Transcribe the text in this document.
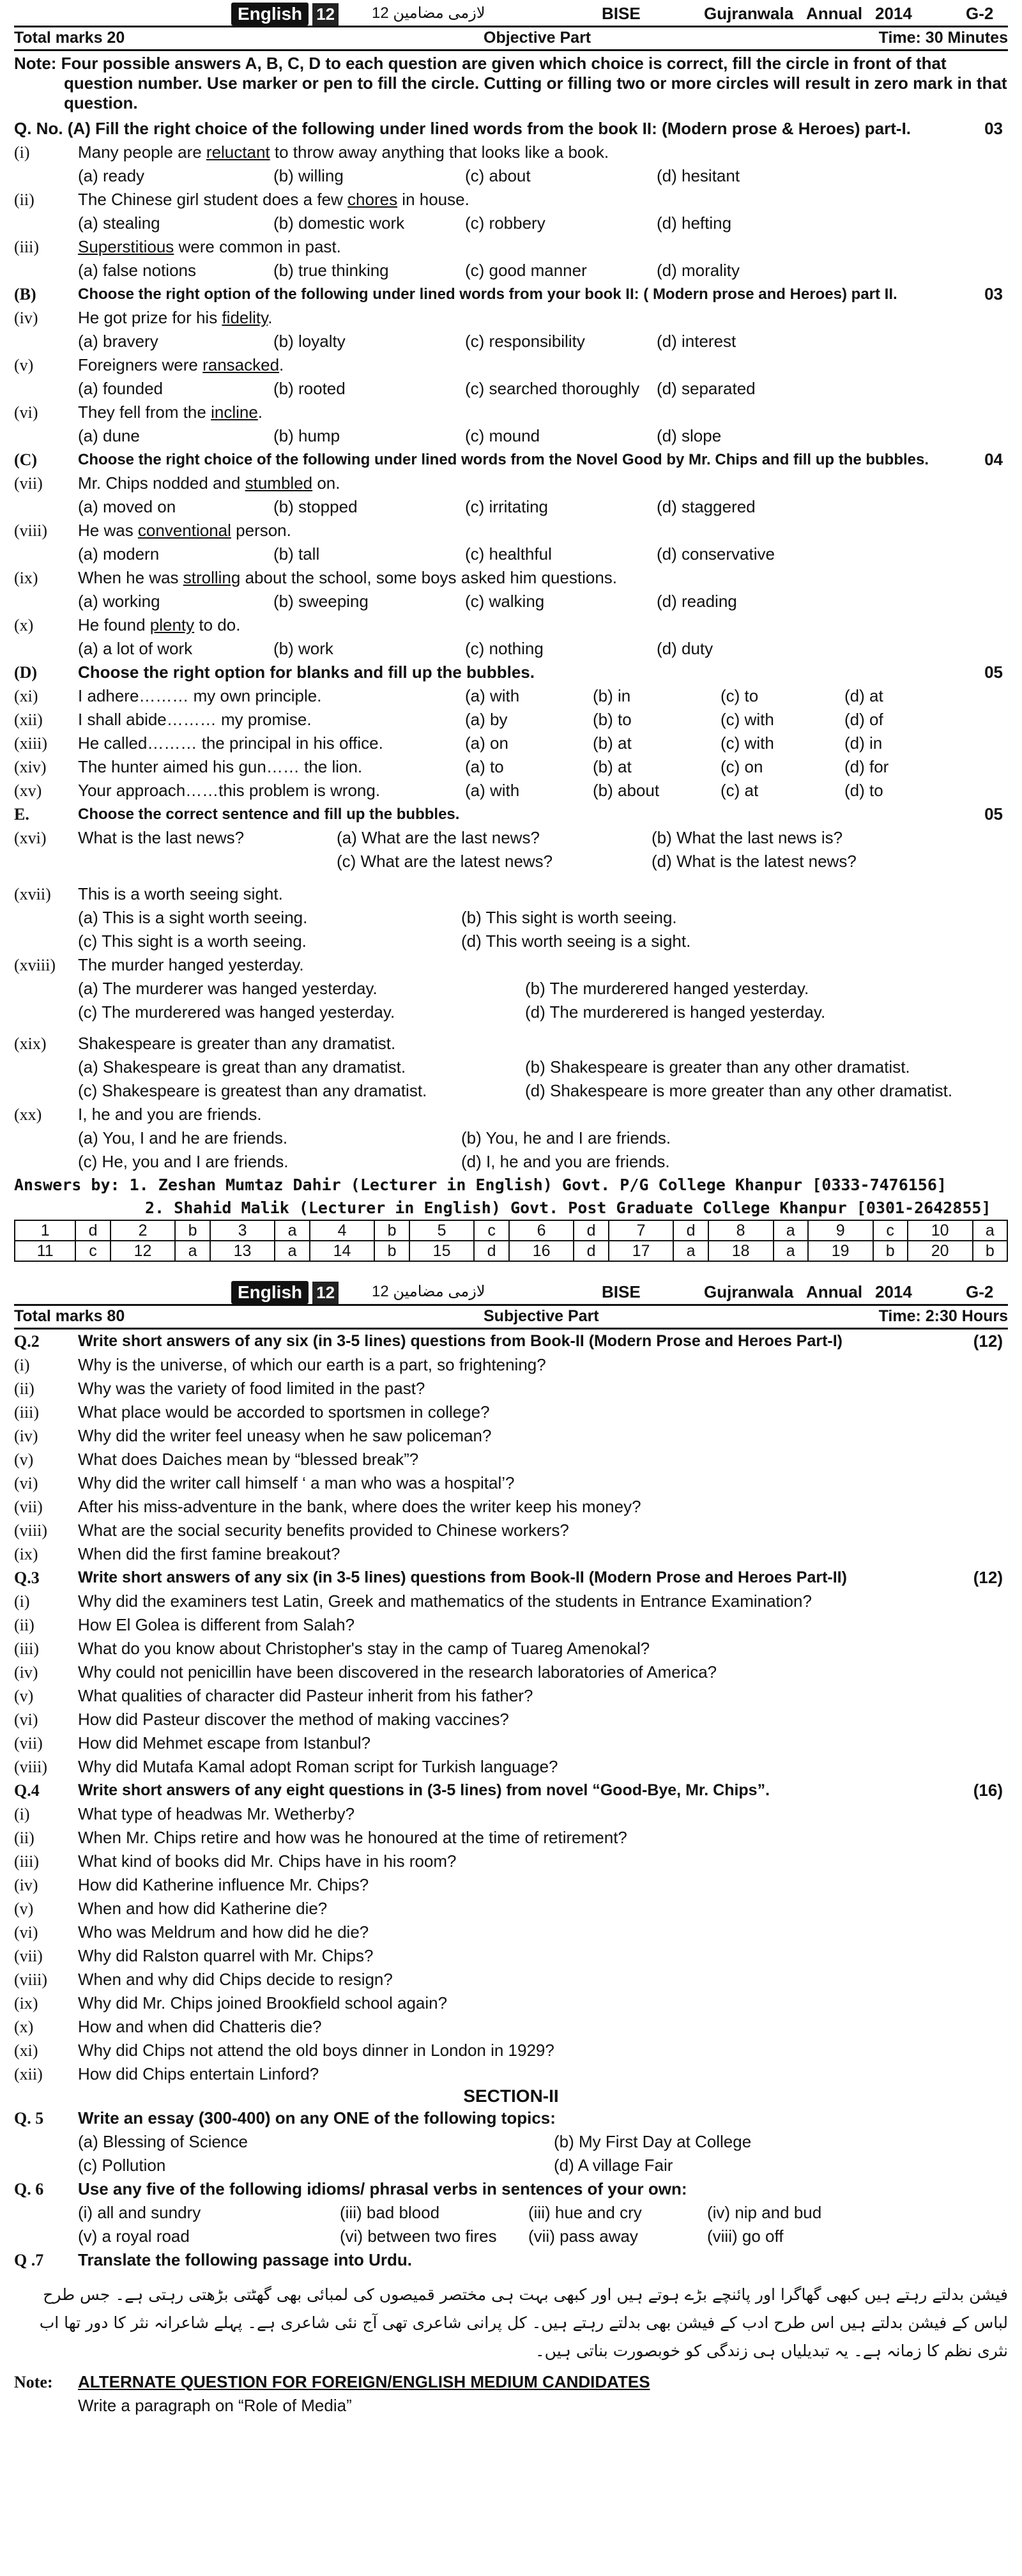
English 12 لازمی مضامین 12	BISE	Gujranwala Annual 2014	G-2
Total marks 20	Objective Part	Time: 30 Minutes
Note: Four possible answers A, B, C, D to each question are given which choice is correct, fill the circle in front of that question number. Use marker or pen to fill the circle. Cutting or filling two or more circles will result in zero mark in that question.
Q. No. (A) Fill the right choice of the following under lined words from the book II: (Modern prose & Heroes) part-I.	03
(i)	Many people are reluctant to throw away anything that looks like a book.
(a) ready	(b) willing	(c) about	(d) hesitant
(ii)	The Chinese girl student does a few chores in house.
(a) stealing	(b) domestic work	(c) robbery	(d) hefting
(iii) Superstitious were common in past.
(a) false notions	(b) true thinking	(c) good manner	(d) morality
(B)	Choose the right option of the following under lined words from your book II: ( Modern prose and Heroes) part II.	03
(iv) He got prize for his fidelity.
(a) bravery	(b) loyalty	(c) responsibility	(d) interest
(v)	Foreigners were ransacked.
(a) founded	(b) rooted	(c) searched thoroughly (d) separated
(vi) They fell from the incline.
(a) dune	(b) hump	(c) mound	(d) slope
(C)	Choose the right choice of the following under lined words from the Novel Good by Mr. Chips and fill up the bubbles.	04
(vii) Mr. Chips nodded and stumbled on.
(a) moved on	(b) stopped	(c) irritating	(d) staggered
(viii) He was conventional person.
(a) modern	(b) tall	(c) healthful	(d) conservative
(ix) When he was strolling about the school, some boys asked him questions.
(a) working	(b) sweeping	(c) walking	(d) reading
(x)	He found plenty to do.
(a) a lot of work	(b) work	(c) nothing	(d) duty
(D) Choose the right option for blanks and fill up the bubbles.	05
(xi) I adhere……… my own principle.	(a) with	(b) in	(c) to	(d) at
(xii) I shall abide……… my promise.	(a) by	(b) to	(c) with	(d) of
(xiii) He called……… the principal in his office.	(a) on	(b) at	(c) with	(d) in
(xiv) The hunter aimed his gun…… the lion.	(a) to	(b) at	(c) on	(d) for
(xv) Your approach……this problem is wrong.	(a) with	(b) about	(c) at	(d) to
E.	Choose the correct sentence and fill up the bubbles.	05
(xvi) What is the last news?	(a) What are the last news?	(b) What the last news is?
(c) What are the latest news?	(d) What is the latest news?
(xvii) This is a worth seeing sight.
(a) This is a sight worth seeing.	(b) This sight is worth seeing.
(c) This sight is a worth seeing.	(d) This worth seeing is a sight.
(xviii) The murder hanged yesterday.
(a) The murderer was hanged yesterday.	(b) The murderered hanged yesterday.
(c) The murderered was hanged yesterday.	(d) The murderered is hanged yesterday.
(xix) Shakespeare is greater than any dramatist.
(a) Shakespeare is great than any dramatist.	(b) Shakespeare is greater than any other dramatist.
(c) Shakespeare is greatest than any dramatist.	(d) Shakespeare is more greater than any other dramatist.
(xx) I, he and you are friends.
(a) You, I and he are friends.	(b) You, he and I are friends.
(c) He, you and I are friends.	(d) I, he and you are friends.
Answers by: 1. Zeshan Mumtaz Dahir (Lecturer in English) Govt. P/G College Khanpur [0333-7476156]
2. Shahid Malik (Lecturer in English) Govt. Post Graduate College Khanpur [0301-2642855]
1	d	2	b	3	a	4	b	5	c	6	d	7	d	8	a	9	c	10	a
11	c	12	a	13	a	14	b	15	d	16	d	17	a	18	a	19	b	20	b
English 12 لازمی مضامین 12	BISE	Gujranwala Annual 2014	G-2
Total marks 80	Subjective Part	Time: 2:30 Hours
Q.2 Write short answers of any six (in 3-5 lines) questions from Book-II (Modern Prose and Heroes Part-I)	(12)
(i)	Why is the universe, of which our earth is a part, so frightening?
(ii)	Why was the variety of food limited in the past?
(iii) What place would be accorded to sportsmen in college?
(iv) Why did the writer feel uneasy when he saw policeman?
(v)	What does Daiches mean by “blessed break”?
(vi) Why did the writer call himself ‘ a man who was a hospital’?
(vii) After his miss-adventure in the bank, where does the writer keep his money?
(viii) What are the social security benefits provided to Chinese workers?
(ix) When did the first famine breakout?
Q.3 Write short answers of any six (in 3-5 lines) questions from Book-II (Modern Prose and Heroes Part-II)	(12)
(i)	Why did the examiners test Latin, Greek and mathematics of the students in Entrance Examination?
(ii)	How El Golea is different from Salah?
(iii) What do you know about Christopher's stay in the camp of Tuareg Amenokal?
(iv) Why could not penicillin have been discovered in the research laboratories of America?
(v)	What qualities of character did Pasteur inherit from his father?
(vi) How did Pasteur discover the method of making vaccines?
(vii) How did Mehmet escape from Istanbul?
(viii) Why did Mutafa Kamal adopt Roman script for Turkish language?
Q.4 Write short answers of any eight questions in (3-5 lines) from novel “Good-Bye, Mr. Chips”.	(16)
(i)	What type of headwas Mr. Wetherby?
(ii)	When Mr. Chips retire and how was he honoured at the time of retirement?
(iii) What kind of books did Mr. Chips have in his room?
(iv) How did Katherine influence Mr. Chips?
(v)	When and how did Katherine die?
(vi) Who was Meldrum and how did he die?
(vii) Why did Ralston quarrel with Mr. Chips?
(viii) When and why did Chips decide to resign?
(ix) Why did Mr. Chips joined Brookfield school again?
(x)	How and when did Chatteris die?
(xi) Why did Chips not attend the old boys dinner in London in 1929?
(xii) How did Chips entertain Linford?
SECTION-II
Q. 5 Write an essay (300-400) on any ONE of the following topics:
(a) Blessing of Science	(b) My First Day at College
(c) Pollution	(d) A village Fair
Q. 6 Use any five of the following idioms/ phrasal verbs in sentences of your own:
(i) all and sundry	(iii) bad blood	(iii) hue and cry	(iv) nip and bud
(v) a royal road	(vi) between two fires (vii) pass away	(viii) go off
Q .7 Translate the following passage into Urdu.
فیشن بدلتے رہتے ہیں کبھی گھاگرا اور پائنچے بڑے ہوتے ہیں اور کبھی بہت ہی مختصر قمیصوں کی لمبائی بھی گھٹتی بڑھتی رہتی ہے۔ جس طرح لباس کے فیشن بدلتے ہیں اس طرح ادب کے فیشن بھی بدلتے رہتے ہیں۔ کل پرانی شاعری تھی آج نئی شاعری ہے۔ پہلے شاعرانہ نثر کا دور تھا اب نثری نظم کا زمانہ ہے۔ یہ تبدیلیاں ہی زندگی کو خوبصورت بناتی ہیں۔
Note: ALTERNATE QUESTION FOR FOREIGN/ENGLISH MEDIUM CANDIDATES
Write a paragraph on “Role of Media”
